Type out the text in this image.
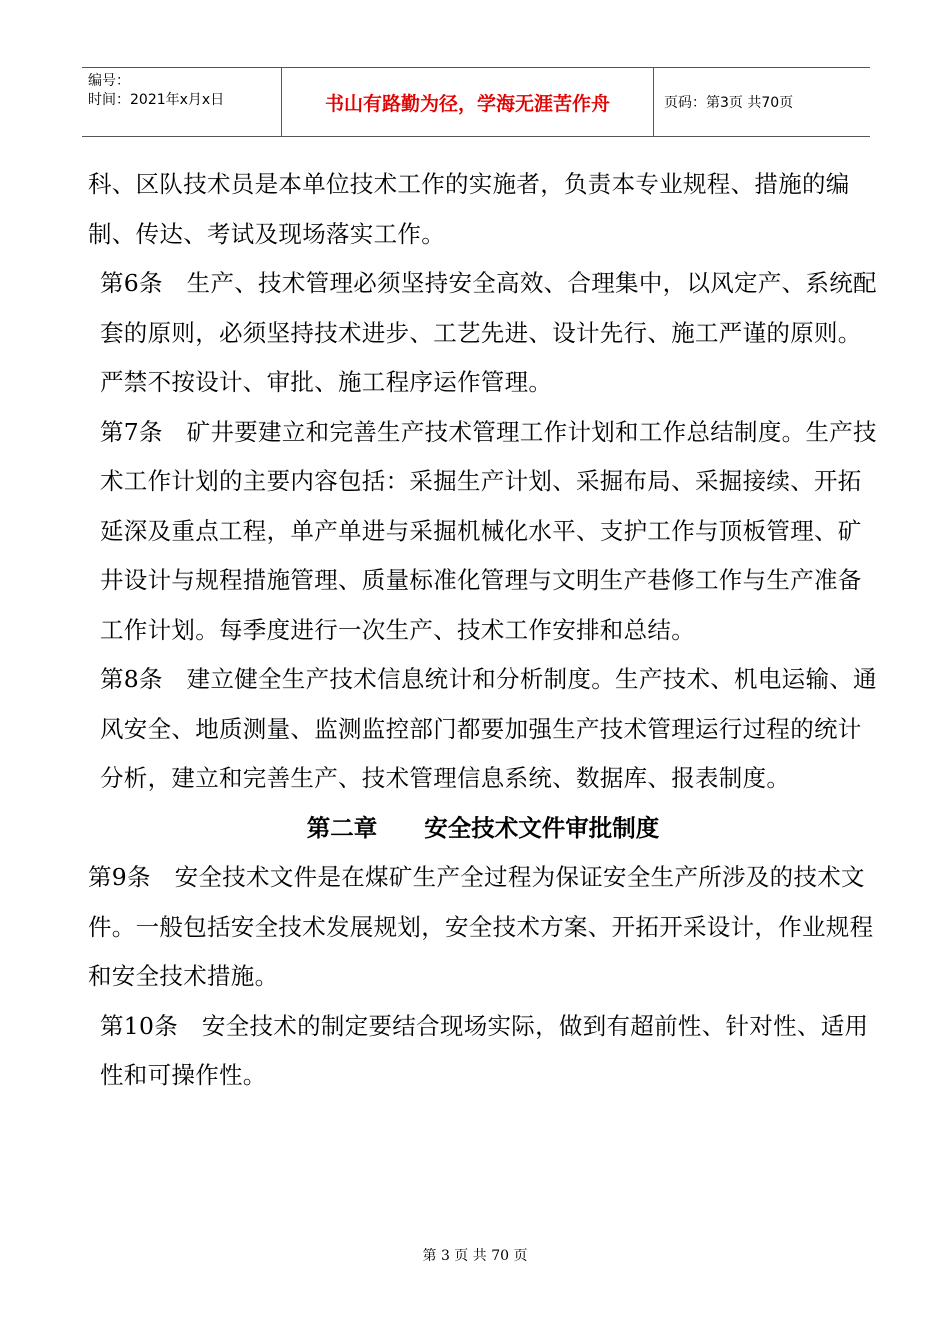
编号：
时间：2021年x月x日	书山有路勤为径，学海无涯苦作舟	页码：第3页 共70页

科、区队技术员是本单位技术工作的实施者，负责本专业规程、措施的编制、传达、考试及现场落实工作。

第6条　生产、技术管理必须坚持安全高效、合理集中，以风定产、系统配套的原则，必须坚持技术进步、工艺先进、设计先行、施工严谨的原则。严禁不按设计、审批、施工程序运作管理。

第7条　矿井要建立和完善生产技术管理工作计划和工作总结制度。生产技术工作计划的主要内容包括：采掘生产计划、采掘布局、采掘接续、开拓延深及重点工程，单产单进与采掘机械化水平、支护工作与顶板管理、矿井设计与规程措施管理、质量标准化管理与文明生产巷修工作与生产准备工作计划。每季度进行一次生产、技术工作安排和总结。

第8条　建立健全生产技术信息统计和分析制度。生产技术、机电运输、通风安全、地质测量、监测监控部门都要加强生产技术管理运行过程的统计分析，建立和完善生产、技术管理信息系统、数据库、报表制度。

第二章　　安全技术文件审批制度

第9条　安全技术文件是在煤矿生产全过程为保证安全生产所涉及的技术文件。一般包括安全技术发展规划，安全技术方案、开拓开采设计，作业规程和安全技术措施。

第10条　安全技术的制定要结合现场实际，做到有超前性、针对性、适用性和可操作性。

第 3 页 共 70 页
